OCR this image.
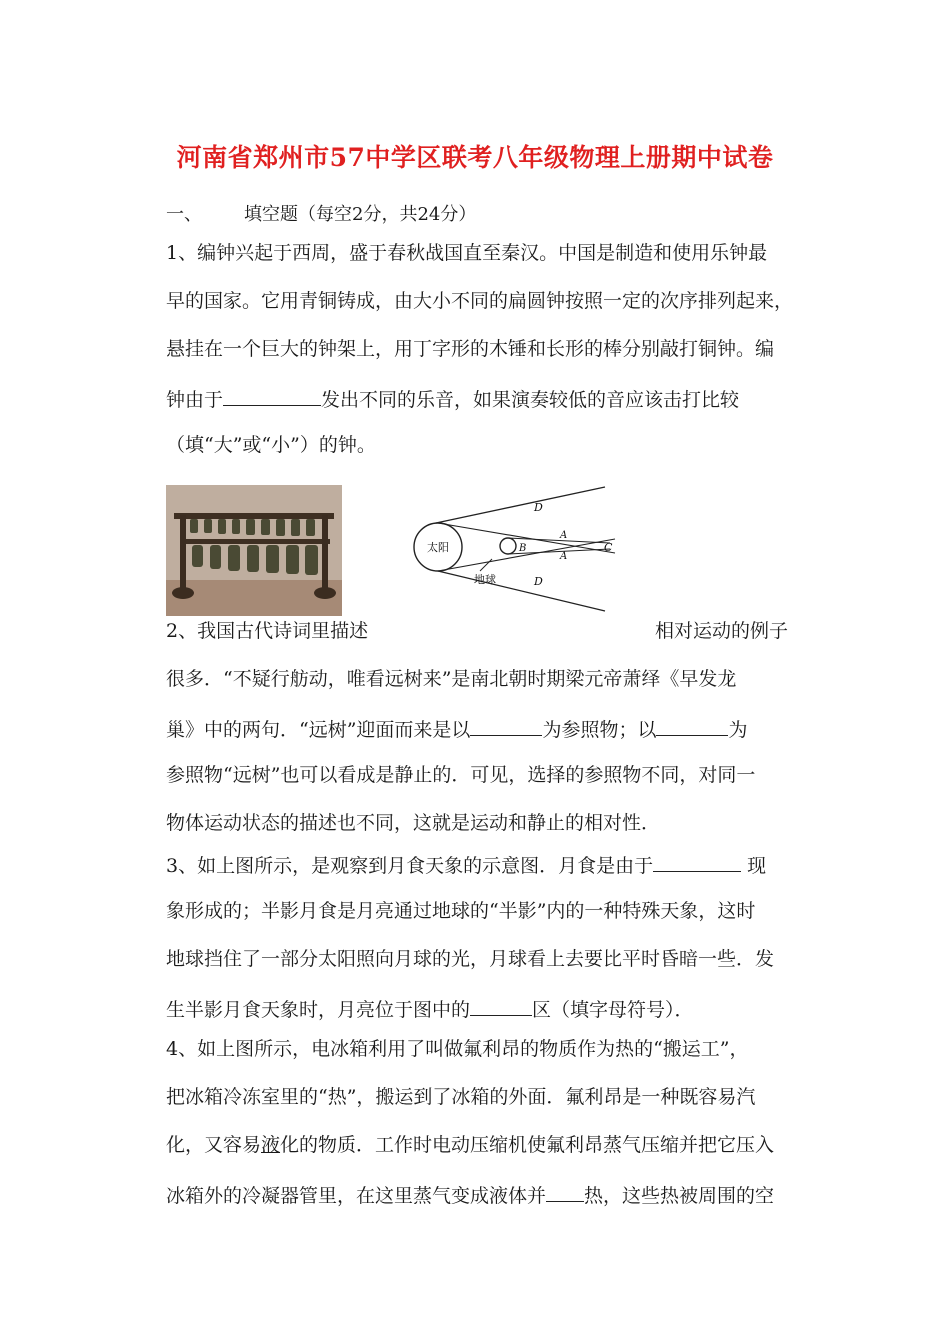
河南省郑州市57中学区联考八年级物理上册期中试卷
一、 填空题（每空2分，共24分）
1、编钟兴起于西周，盛于春秋战国直至秦汉。中国是制造和使用乐钟最
早的国家。它用青铜铸成，由大小不同的扁圆钟按照一定的次序排列起来，
悬挂在一个巨大的钟架上，用丁字形的木锤和长形的棒分别敲打铜钟。编
钟由于	发出不同的乐音，如果演奏较低的音应该击打比较
（填“大”或“小”）的钟。
太阳
地球
D
A
B
A
C
D
2、我国古代诗词里描述	相对运动的例子
很多．“不疑行舫动，唯看远树来”是南北朝时期梁元帝萧绎《早发龙
巢》中的两句．“远树”迎面而来是以	为参照物；以	为
参照物“远树”也可以看成是静止的．可见，选择的参照物不同，对同一
物体运动状态的描述也不同，这就是运动和静止的相对性．
3、如上图所示，是观察到月食天象的示意图．月食是由于	现
象形成的；半影月食是月亮通过地球的“半影”内的一种特殊天象，这时
地球挡住了一部分太阳照向月球的光，月球看上去要比平时昏暗一些．发
生半影月食天象时，月亮位于图中的	区（填字母符号）．
4、如上图所示，电冰箱利用了叫做氟利昂的物质作为热的“搬运工”，
把冰箱冷冻室里的“热”，搬运到了冰箱的外面．氟利昂是一种既容易汽
化，又容易液化的物质．工作时电动压缩机使氟利昂蒸气压缩并把它压入
冰箱外的冷凝器管里，在这里蒸气变成液体并 热，这些热被周围的空
